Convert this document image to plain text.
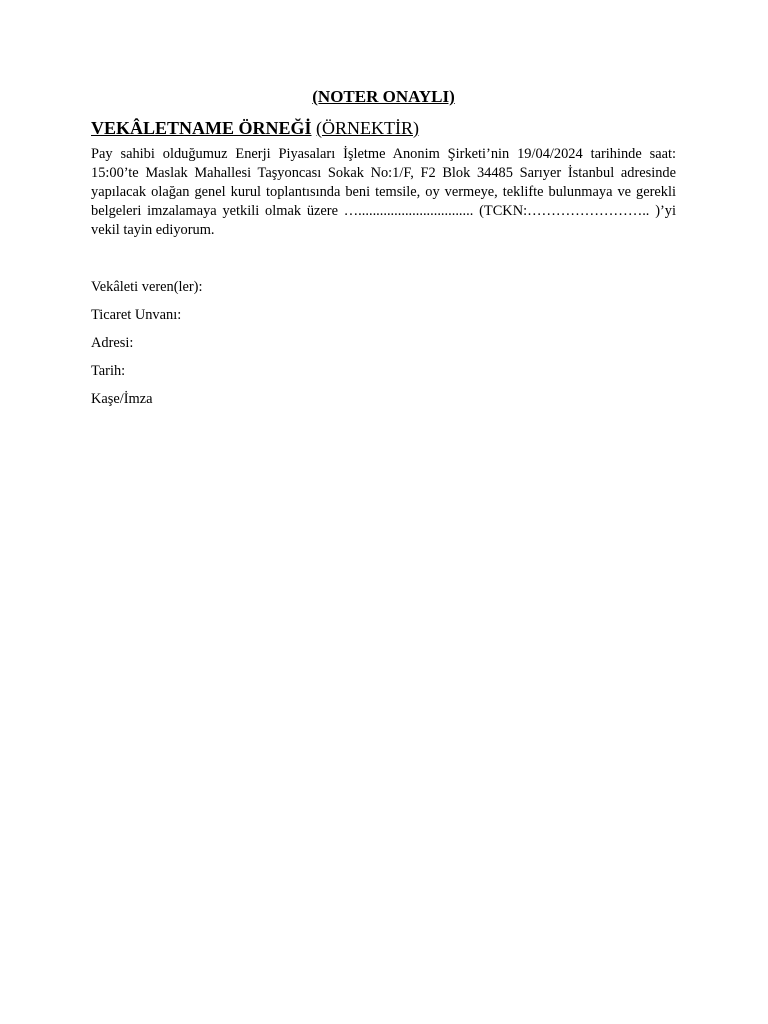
(NOTER ONAYLI)

VEKÂLETNAME ÖRNEĞİ (ÖRNEKTİR)

Pay sahibi olduğumuz Enerji Piyasaları İşletme Anonim Şirketi’nin 19/04/2024 tarihinde saat: 15:00’te Maslak Mahallesi Taşyoncası Sokak No:1/F, F2 Blok 34485 Sarıyer İstanbul adresinde yapılacak olağan genel kurul toplantısında beni temsile, oy vermeye, teklifte bulunmaya ve gerekli belgeleri imzalamaya yetkili olmak üzere …................................ (TCKN:…………………….. )’yi vekil tayin ediyorum.

Vekâleti veren(ler):

Ticaret Unvanı:

Adresi:

Tarih:

Kaşe/İmza
